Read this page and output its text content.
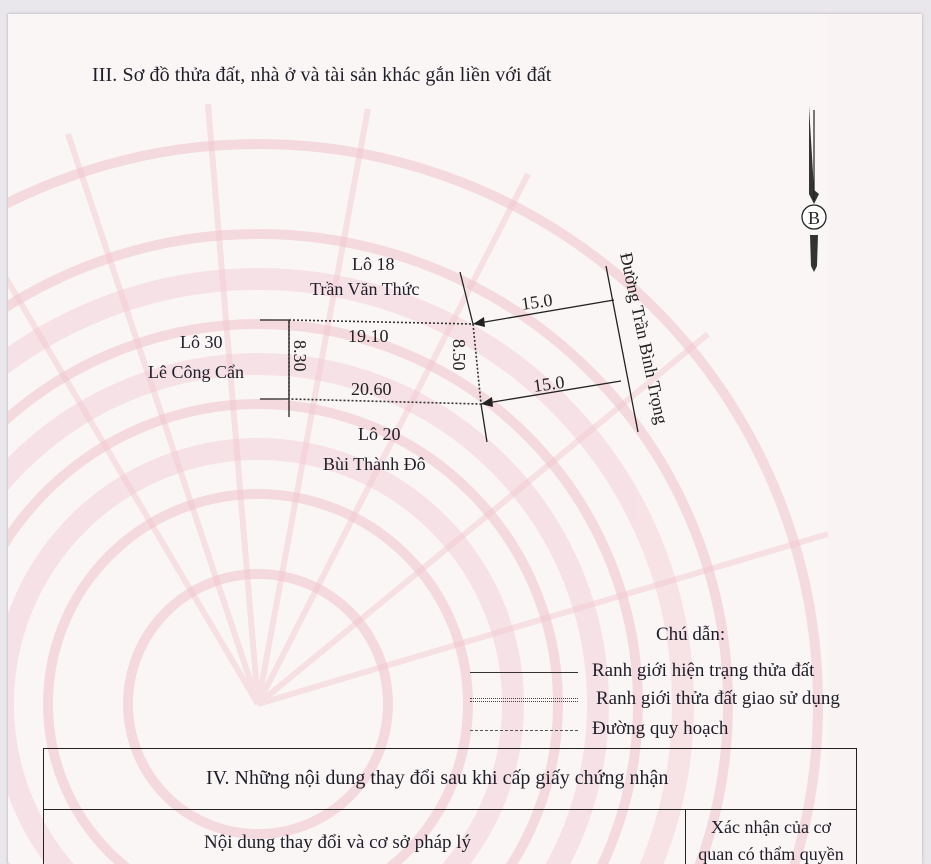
III. Sơ đồ thửa đất, nhà ở và tài sản khác gắn liền với đất
B
19.10
20.60
8.30	8.50
15.0
15.0	Đường Trần Bình Trọng
Lô 18
Trần Văn Thức
Lô 30
Lê Công Cẩn
Lô 20
Bùi Thành Đô
Chú dẫn:
Ranh giới hiện trạng thửa đất
Ranh giới thửa đất giao sử dụng
Đường quy hoạch
IV. Những nội dung thay đổi sau khi cấp giấy chứng nhận
Nội dung thay đổi và cơ sở pháp lý
Xác nhận của cơ
quan có thẩm quyền
